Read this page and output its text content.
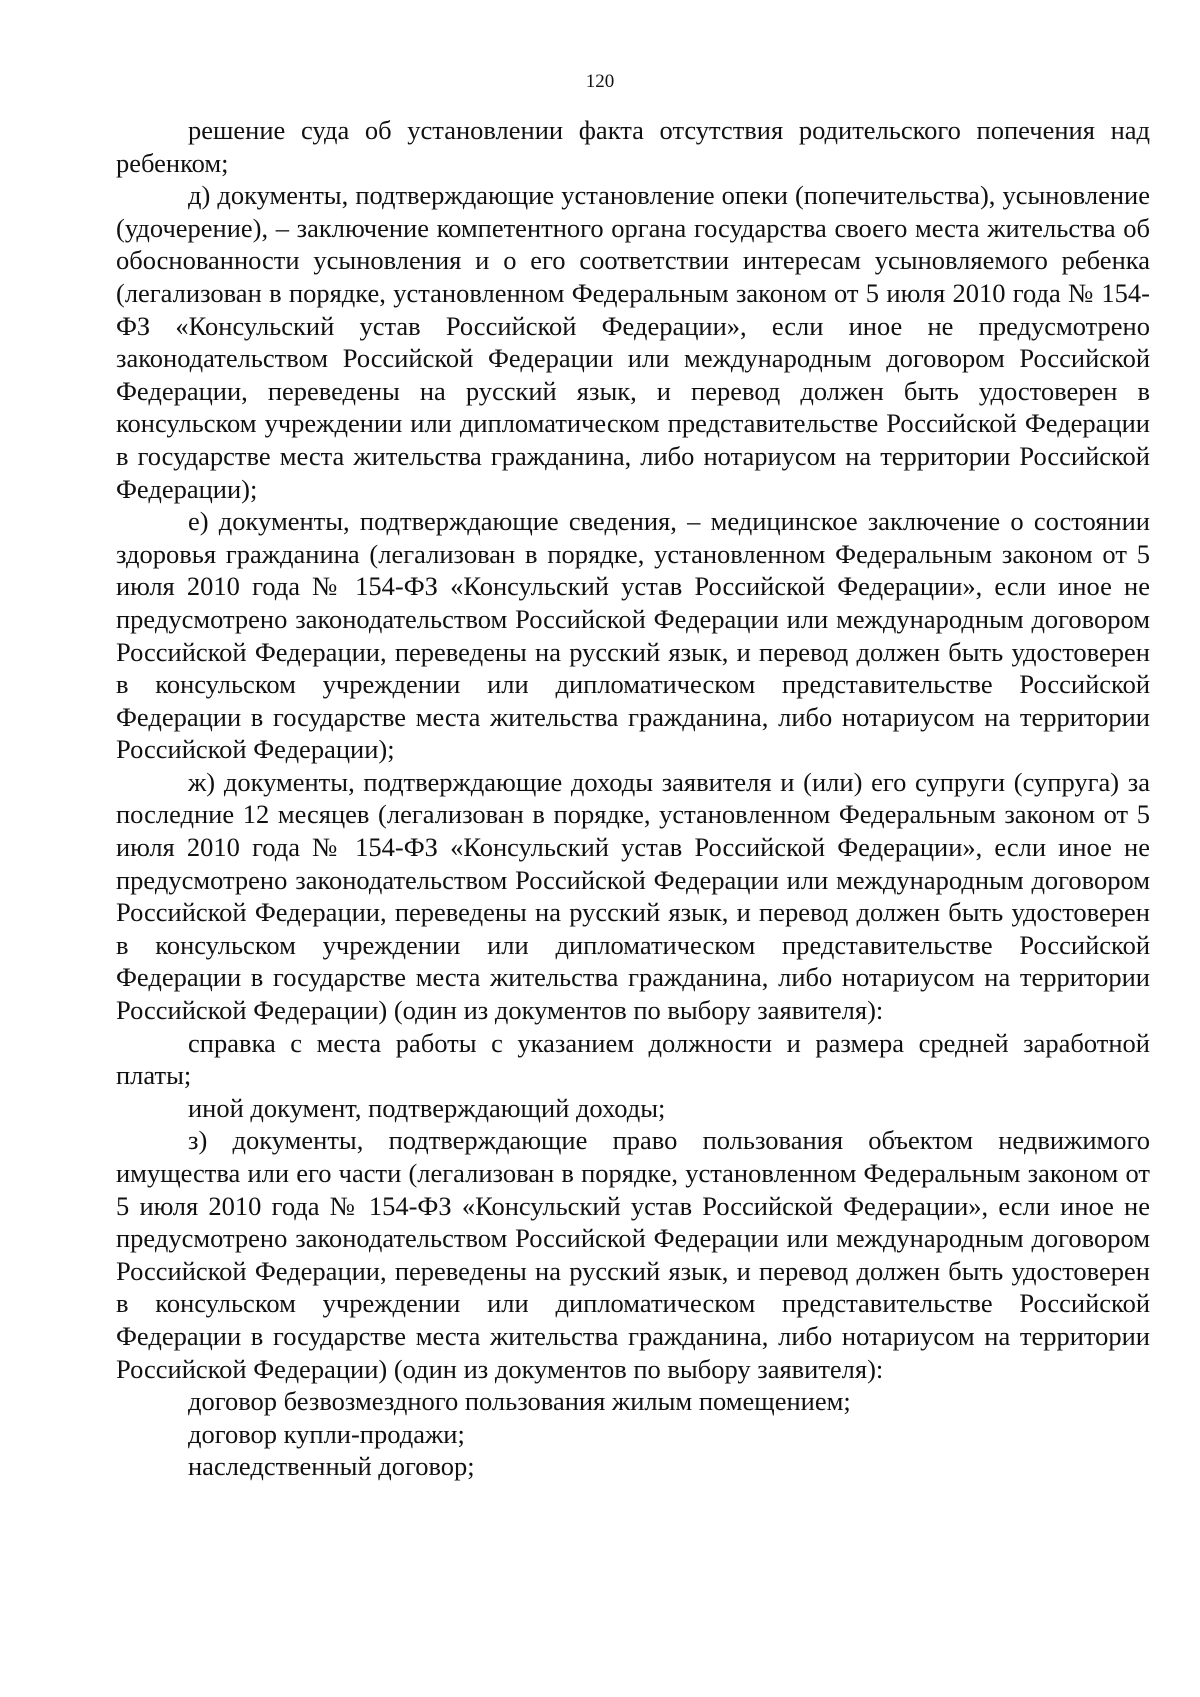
120

решение суда об установлении факта отсутствия родительского попечения над ребенком;

д) документы, подтверждающие установление опеки (попечительства), усыновление (удочерение), – заключение компетентного органа государства своего места жительства об обоснованности усыновления и о его соответствии интересам усыновляемого ребенка (легализован в порядке, установленном Федеральным законом от 5 июля 2010 года № 154-ФЗ «Консульский устав Российской Федерации», если иное не предусмотрено законодательством Российской Федерации или международным договором Российской Федерации, переведены на русский язык, и перевод должен быть удостоверен в консульском учреждении или дипломатическом представительстве Российской Федерации в государстве места жительства гражданина, либо нотариусом на территории Российской Федерации);

е) документы, подтверждающие сведения, – медицинское заключение о состоянии здоровья гражданина (легализован в порядке, установленном Федеральным законом от 5 июля 2010 года № 154-ФЗ «Консульский устав Российской Федерации», если иное не предусмотрено законодательством Российской Федерации или международным договором Российской Федерации, переведены на русский язык, и перевод должен быть удостоверен в консульском учреждении или дипломатическом представительстве Российской Федерации в государстве места жительства гражданина, либо нотариусом на территории Российской Федерации);

ж) документы, подтверждающие доходы заявителя и (или) его супруги (супруга) за последние 12 месяцев (легализован в порядке, установленном Федеральным законом от 5 июля 2010 года № 154-ФЗ «Консульский устав Российской Федерации», если иное не предусмотрено законодательством Российской Федерации или международным договором Российской Федерации, переведены на русский язык, и перевод должен быть удостоверен в консульском учреждении или дипломатическом представительстве Российской Федерации в государстве места жительства гражданина, либо нотариусом на территории Российской Федерации) (один из документов по выбору заявителя):

справка с места работы с указанием должности и размера средней заработной платы;

иной документ, подтверждающий доходы;

з) документы, подтверждающие право пользования объектом недвижимого имущества или его части (легализован в порядке, установленном Федеральным законом от 5 июля 2010 года № 154-ФЗ «Консульский устав Российской Федерации», если иное не предусмотрено законодательством Российской Федерации или международным договором Российской Федерации, переведены на русский язык, и перевод должен быть удостоверен в консульском учреждении или дипломатическом представительстве Российской Федерации в государстве места жительства гражданина, либо нотариусом на территории Российской Федерации) (один из документов по выбору заявителя):

договор безвозмездного пользования жилым помещением;

договор купли-продажи;

наследственный договор;
